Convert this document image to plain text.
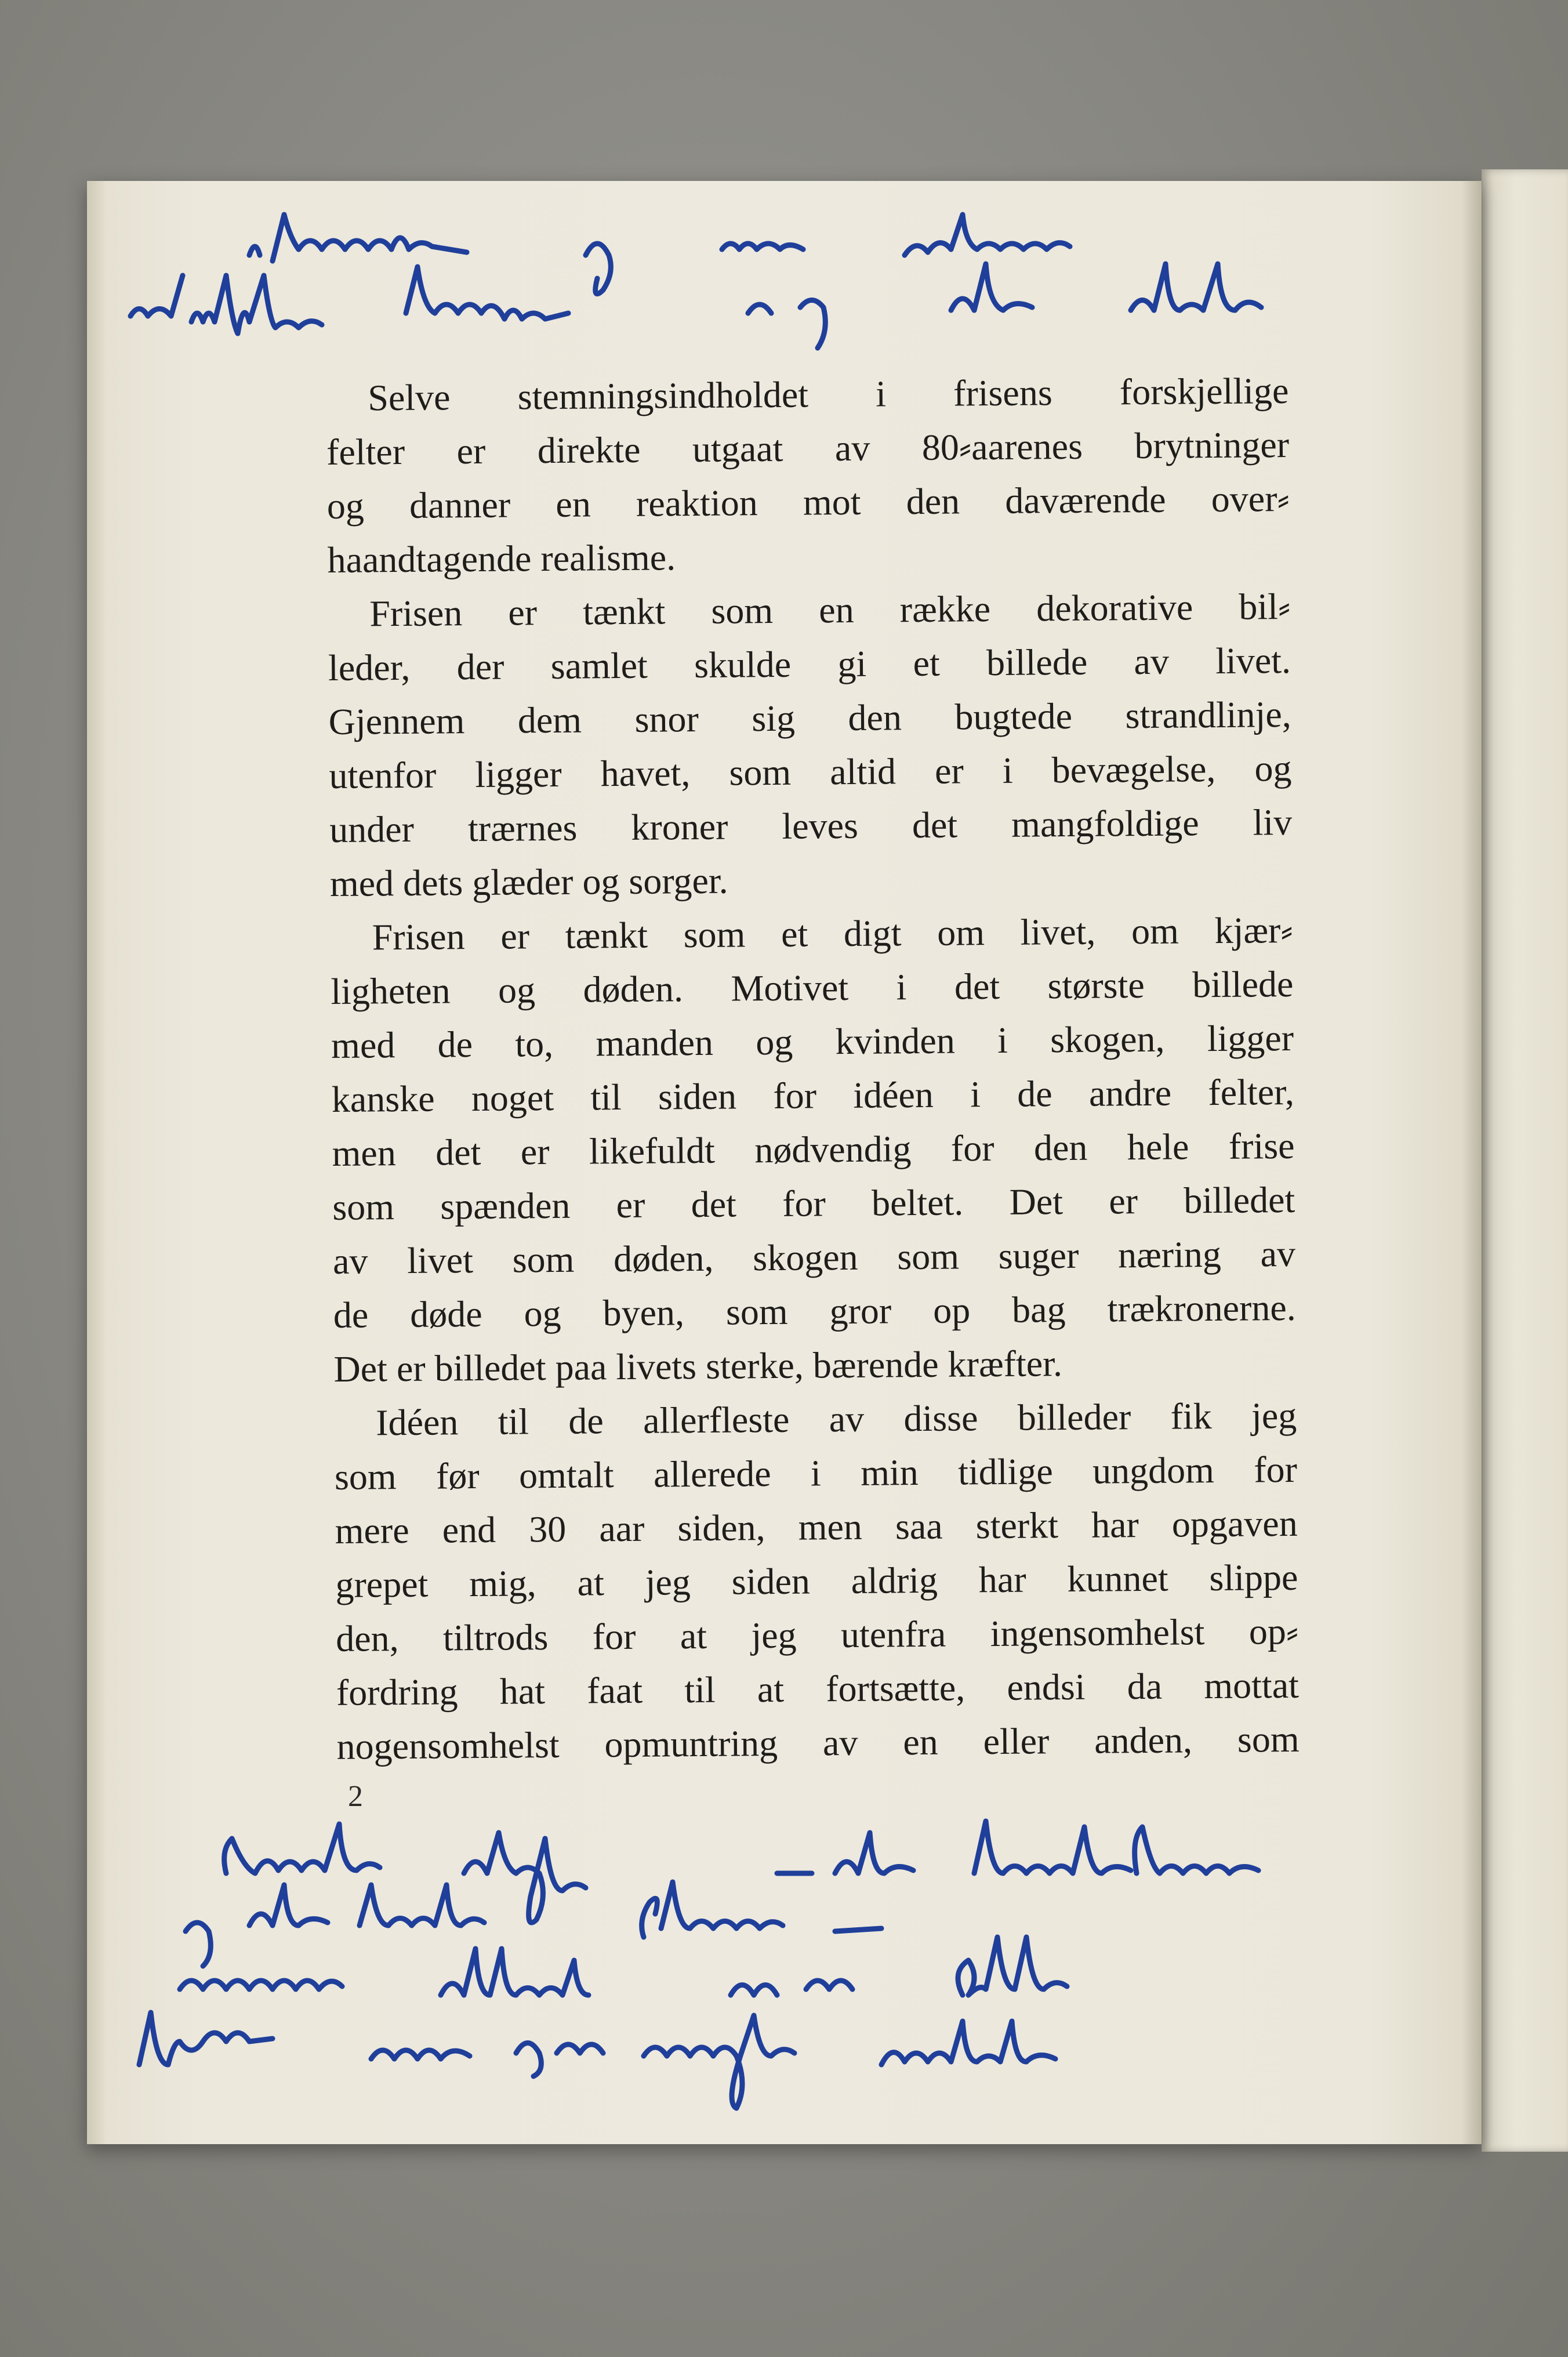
Selve stemningsindholdet i frisens forskjellige
felter er direkte utgaat av 80⸗aarenes brytninger
og danner en reaktion mot den daværende over⸗
haandtagende realisme.
Frisen er tænkt som en række dekorative bil⸗
leder, der samlet skulde gi et billede av livet.
Gjennem dem snor sig den bugtede strandlinje,
utenfor ligger havet, som altid er i bevægelse, og
under trærnes kroner leves det mangfoldige liv
med dets glæder og sorger.
Frisen er tænkt som et digt om livet, om kjær⸗
ligheten og døden. Motivet i det største billede
med de to, manden og kvinden i skogen, ligger
kanske noget til siden for idéen i de andre felter,
men det er likefuldt nødvendig for den hele frise
som spænden er det for beltet. Det er billedet
av livet som døden, skogen som suger næring av
de døde og byen, som gror op bag trækronerne.
Det er billedet paa livets sterke, bærende kræfter.
Idéen til de allerfleste av disse billeder fik jeg
som før omtalt allerede i min tidlige ungdom for
mere end 30 aar siden, men saa sterkt har opgaven
grepet mig, at jeg siden aldrig har kunnet slippe
den, tiltrods for at jeg utenfra ingensomhelst op⸗
fordring hat faat til at fortsætte, endsi da mottat
nogensomhelst opmuntring av en eller anden, som
2
